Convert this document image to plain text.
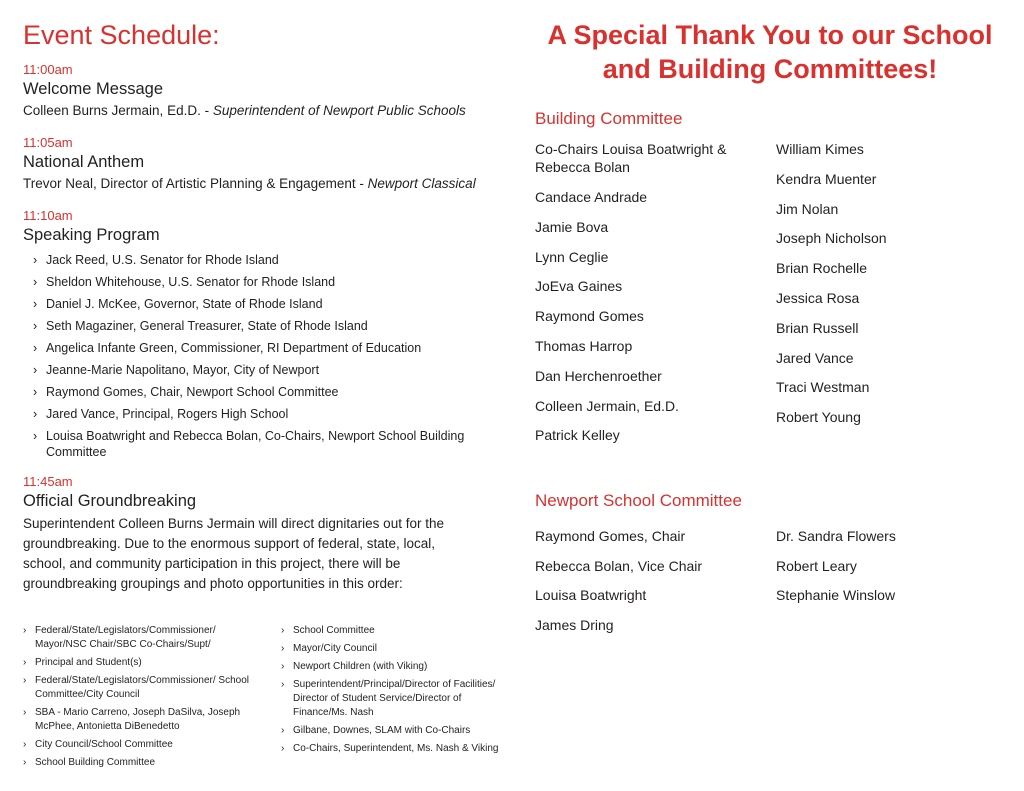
Event Schedule:
11:00am
Welcome Message
Colleen Burns Jermain, Ed.D. - Superintendent of Newport Public Schools
11:05am
National Anthem
Trevor Neal, Director of Artistic Planning & Engagement - Newport Classical
11:10am
Speaking Program
› Jack Reed, U.S. Senator for Rhode Island
› Sheldon Whitehouse, U.S. Senator for Rhode Island
› Daniel J. McKee, Governor, State of Rhode Island
› Seth Magaziner, General Treasurer, State of Rhode Island
› Angelica Infante Green, Commissioner, RI Department of Education
› Jeanne-Marie Napolitano, Mayor, City of Newport
› Raymond Gomes, Chair, Newport School Committee
› Jared Vance, Principal, Rogers High School
› Louisa Boatwright and Rebecca Bolan, Co-Chairs, Newport School Building Committee
11:45am
Official Groundbreaking

Superintendent Colleen Burns Jermain will direct dignitaries out for the groundbreaking. Due to the enormous support of federal, state, local, school, and community participation in this project, there will be groundbreaking groupings and photo opportunities in this order:

› Federal/State/Legislators/Commissioner/ Mayor/NSC Chair/SBC Co-Chairs/Supt/
› Principal and Student(s)
› Federal/State/Legislators/Commissioner/ School Committee/City Council
› SBA - Mario Carreno, Joseph DaSilva, Joseph McPhee, Antonietta DiBenedetto
› City Council/School Committee
› School Building Committee
› School Committee
› Mayor/City Council
› Newport Children (with Viking)
› Superintendent/Principal/Director of Facilities/ Director of Student Service/Director of Finance/Ms. Nash
› Gilbane, Downes, SLAM with Co-Chairs
› Co-Chairs, Superintendent, Ms. Nash & Viking
A Special Thank You to our School and Building Committees!
Building Committee
Co-Chairs Louisa Boatwright & Rebecca Bolan
Candace Andrade
Jamie Bova
Lynn Ceglie
JoEva Gaines
Raymond Gomes
Thomas Harrop
Dan Herchenroether
Colleen Jermain, Ed.D.
Patrick Kelley
William Kimes
Kendra Muenter
Jim Nolan
Joseph Nicholson
Brian Rochelle
Jessica Rosa
Brian Russell
Jared Vance
Traci Westman
Robert Young
Newport School Committee
Raymond Gomes, Chair
Rebecca Bolan, Vice Chair
Louisa Boatwright
James Dring
Dr. Sandra Flowers
Robert Leary
Stephanie Winslow
